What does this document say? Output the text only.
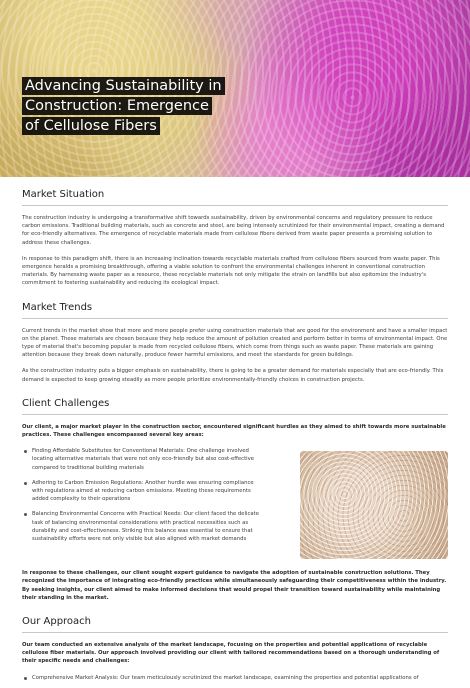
Advancing Sustainability in
Construction: Emergence
of Cellulose Fibers
Market Situation

The construction industry is undergoing a transformative shift towards sustainability, driven by environmental concerns and regulatory pressure to reduce carbon emissions. Traditional building materials, such as concrete and steel, are being intensely scrutinized for their environmental impact, creating a demand for eco-friendly alternatives. The emergence of recyclable materials made from cellulose fibers derived from waste paper presents a promising solution to address these challenges.

In response to this paradigm shift, there is an increasing inclination towards recyclable materials crafted from cellulose fibers sourced from waste paper. This emergence heralds a promising breakthrough, offering a viable solution to confront the environmental challenges inherent in conventional construction materials. By harnessing waste paper as a resource, these recyclable materials not only mitigate the strain on landfills but also epitomize the industry's commitment to fostering sustainability and reducing its ecological impact.

Market Trends

Current trends in the market show that more and more people prefer using construction materials that are good for the environment and have a smaller impact on the planet. These materials are chosen because they help reduce the amount of pollution created and perform better in terms of environmental impact. One type of material that's becoming popular is made from recycled cellulose fibers, which come from things such as waste paper. These materials are gaining attention because they break down naturally, produce fewer harmful emissions, and meet the standards for green buildings.

As the construction industry puts a bigger emphasis on sustainability, there is going to be a greater demand for materials especially that are eco-friendly. This demand is expected to keep growing steadily as more people prioritize environmentally-friendly choices in construction projects.

Client Challenges

Our client, a major market player in the construction sector, encountered significant hurdles as they aimed to shift towards more sustainable practices. These challenges encompassed several key areas:

Finding Affordable Substitutes for Conventional Materials: One challenge involved locating alternative materials that were not only eco-friendly but also cost-effective compared to traditional building materials

Adhering to Carbon Emission Regulations: Another hurdle was ensuring compliance with regulations aimed at reducing carbon emissions. Meeting these requirements added complexity to their operations

Balancing Environmental Concerns with Practical Needs: Our client faced the delicate task of balancing environmental considerations with practical necessities such as durability and cost-effectiveness. Striking this balance was essential to ensure that sustainability efforts were not only visible but also aligned with market demands

In response to these challenges, our client sought expert guidance to navigate the adoption of sustainable construction solutions. They recognized the importance of integrating eco-friendly practices while simultaneously safeguarding their competitiveness within the industry. By seeking insights, our client aimed to make informed decisions that would propel their transition toward sustainability while maintaining their standing in the market.

Our Approach

Our team conducted an extensive analysis of the market landscape, focusing on the properties and potential applications of recyclable cellulose fiber materials. Our approach involved providing our client with tailored recommendations based on a thorough understanding of their specific needs and challenges:

Comprehensive Market Analysis: Our team meticulously scrutinized the market landscape, examining the properties and potential applications of
